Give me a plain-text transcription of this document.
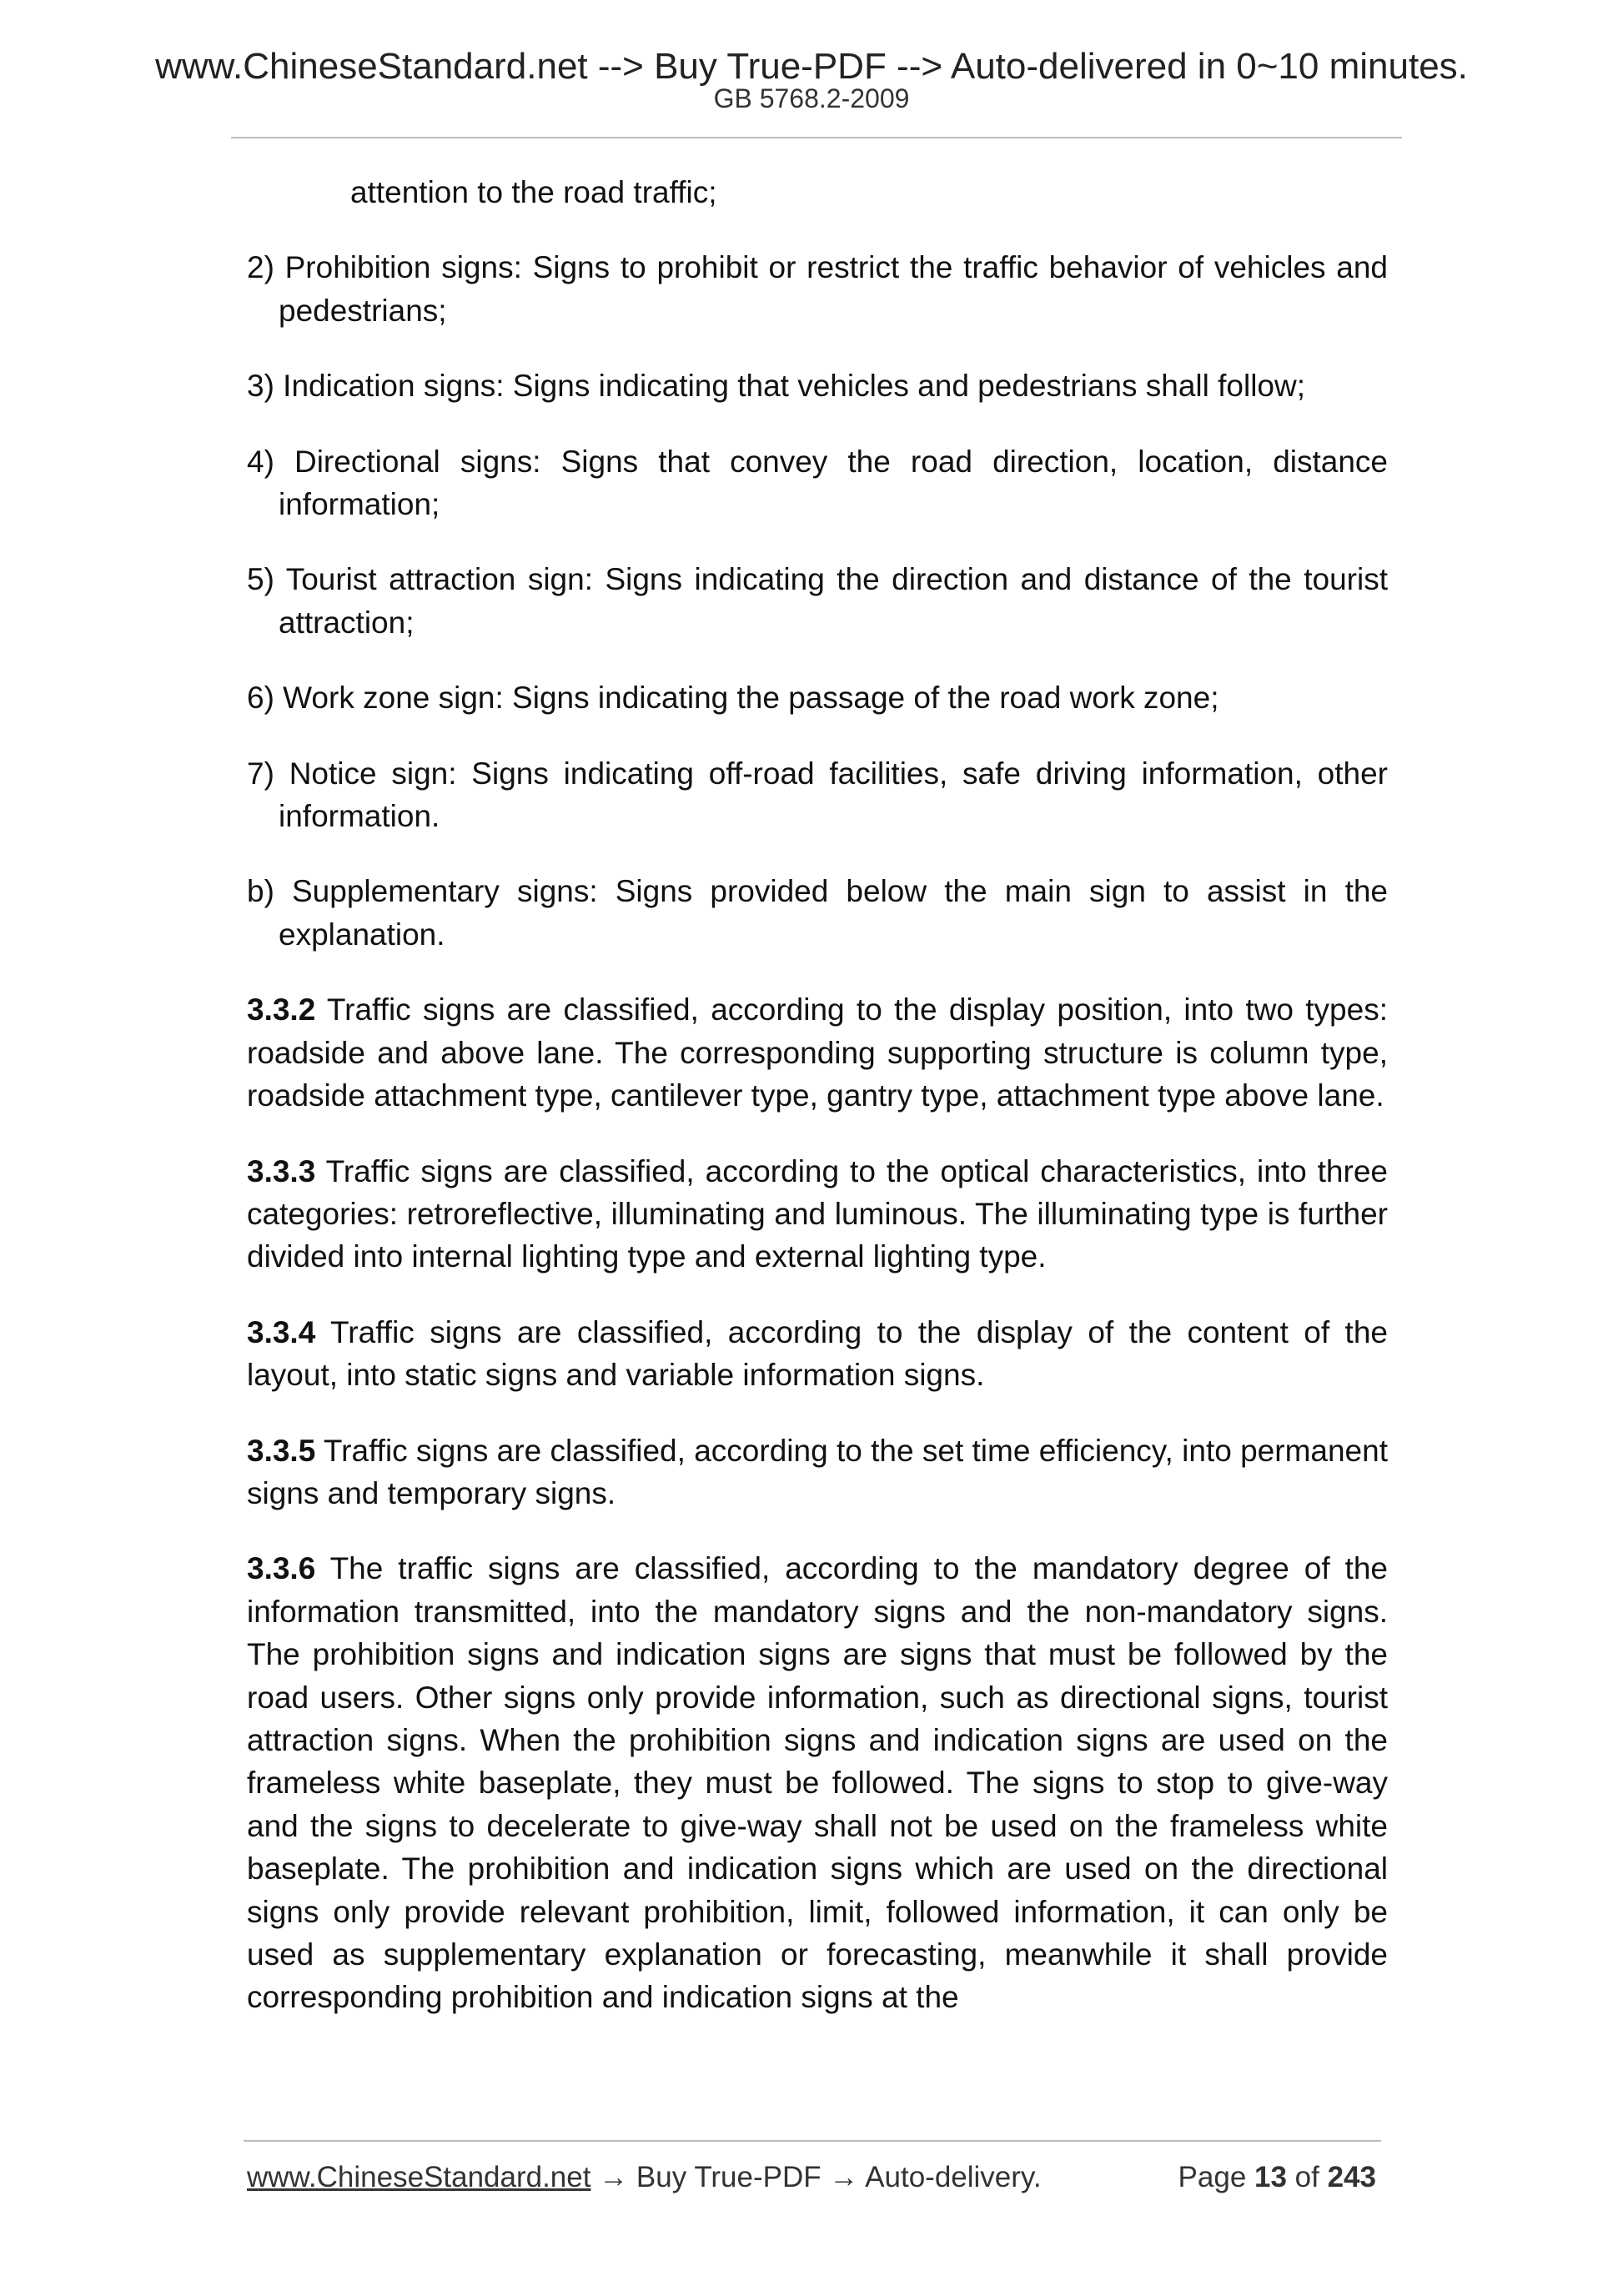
www.ChineseStandard.net --> Buy True-PDF --> Auto-delivered in 0~10 minutes.
GB 5768.2-2009

attention to the road traffic;

2) Prohibition signs: Signs to prohibit or restrict the traffic behavior of vehicles and pedestrians;

3) Indication signs: Signs indicating that vehicles and pedestrians shall follow;

4) Directional signs: Signs that convey the road direction, location, distance information;

5) Tourist attraction sign: Signs indicating the direction and distance of the tourist attraction;

6) Work zone sign: Signs indicating the passage of the road work zone;

7) Notice sign: Signs indicating off-road facilities, safe driving information, other information.

b) Supplementary signs: Signs provided below the main sign to assist in the explanation.

3.3.2 Traffic signs are classified, according to the display position, into two types: roadside and above lane. The corresponding supporting structure is column type, roadside attachment type, cantilever type, gantry type, attachment type above lane.

3.3.3 Traffic signs are classified, according to the optical characteristics, into three categories: retroreflective, illuminating and luminous. The illuminating type is further divided into internal lighting type and external lighting type.

3.3.4 Traffic signs are classified, according to the display of the content of the layout, into static signs and variable information signs.

3.3.5 Traffic signs are classified, according to the set time efficiency, into permanent signs and temporary signs.

3.3.6 The traffic signs are classified, according to the mandatory degree of the information transmitted, into the mandatory signs and the non-mandatory signs. The prohibition signs and indication signs are signs that must be followed by the road users. Other signs only provide information, such as directional signs, tourist attraction signs. When the prohibition signs and indication signs are used on the frameless white baseplate, they must be followed. The signs to stop to give-way and the signs to decelerate to give-way shall not be used on the frameless white baseplate. The prohibition and indication signs which are used on the directional signs only provide relevant prohibition, limit, followed information, it can only be used as supplementary explanation or forecasting, meanwhile it shall provide corresponding prohibition and indication signs at the

www.ChineseStandard.net → Buy True-PDF → Auto-delivery.	Page 13 of 243
